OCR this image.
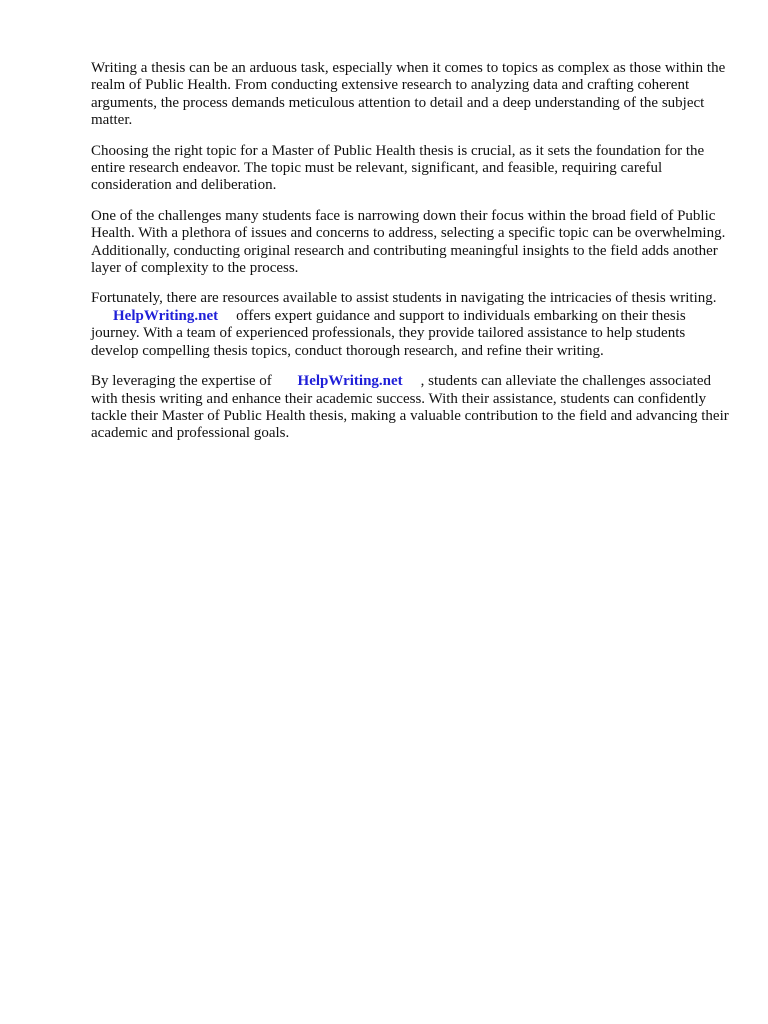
Writing a thesis can be an arduous task, especially when it comes to topics as complex as those within the realm of Public Health. From conducting extensive research to analyzing data and crafting coherent arguments, the process demands meticulous attention to detail and a deep understanding of the subject matter.

Choosing the right topic for a Master of Public Health thesis is crucial, as it sets the foundation for the entire research endeavor. The topic must be relevant, significant, and feasible, requiring careful consideration and deliberation.

One of the challenges many students face is narrowing down their focus within the broad field of Public Health. With a plethora of issues and concerns to address, selecting a specific topic can be overwhelming. Additionally, conducting original research and contributing meaningful insights to the field adds another layer of complexity to the process.

Fortunately, there are resources available to assist students in navigating the intricacies of thesis writing. HelpWriting.net offers expert guidance and support to individuals embarking on their thesis journey. With a team of experienced professionals, they provide tailored assistance to help students develop compelling thesis topics, conduct thorough research, and refine their writing.

By leveraging the expertise of HelpWriting.net , students can alleviate the challenges associated with thesis writing and enhance their academic success. With their assistance, students can confidently tackle their Master of Public Health thesis, making a valuable contribution to the field and advancing their academic and professional goals.
